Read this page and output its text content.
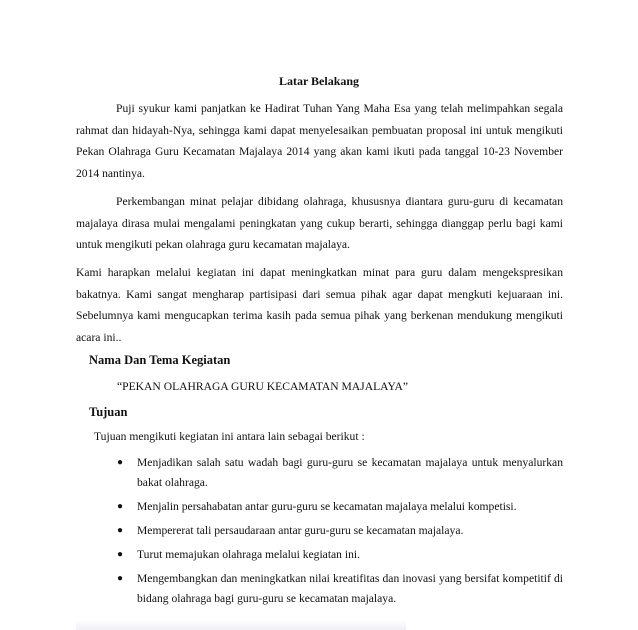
Latar Belakang

Puji syukur kami panjatkan ke Hadirat Tuhan Yang Maha Esa yang telah melimpahkan segala rahmat dan hidayah-Nya, sehingga kami dapat menyelesaikan pembuatan proposal ini untuk mengikuti Pekan Olahraga Guru Kecamatan Majalaya 2014 yang akan kami ikuti pada tanggal 10-23 November 2014 nantinya.

Perkembangan minat pelajar dibidang olahraga, khususnya diantara guru-guru di kecamatan majalaya dirasa mulai mengalami peningkatan yang cukup berarti, sehingga dianggap perlu bagi kami untuk mengikuti pekan olahraga guru kecamatan majalaya.

Kami harapkan melalui kegiatan ini dapat meningkatkan minat para guru dalam mengekspresikan bakatnya. Kami sangat mengharap partisipasi dari semua pihak agar dapat mengkuti kejuaraan ini. Sebelumnya kami mengucapkan terima kasih pada semua pihak yang berkenan mendukung mengikuti acara ini..

Nama Dan Tema Kegiatan

“PEKAN OLAHRAGA GURU KECAMATAN MAJALAYA”

Tujuan

Tujuan mengikuti kegiatan ini antara lain sebagai berikut :

● Menjadikan salah satu wadah bagi guru-guru se kecamatan majalaya untuk menyalurkan bakat olahraga.
● Menjalin persahabatan antar guru-guru se kecamatan majalaya melalui kompetisi.
● Mempererat tali persaudaraan antar guru-guru se kecamatan majalaya.
● Turut memajukan olahraga melalui kegiatan ini.
● Mengembangkan dan meningkatkan nilai kreatifitas dan inovasi yang bersifat kompetitif di bidang olahraga bagi guru-guru se kecamatan majalaya.
